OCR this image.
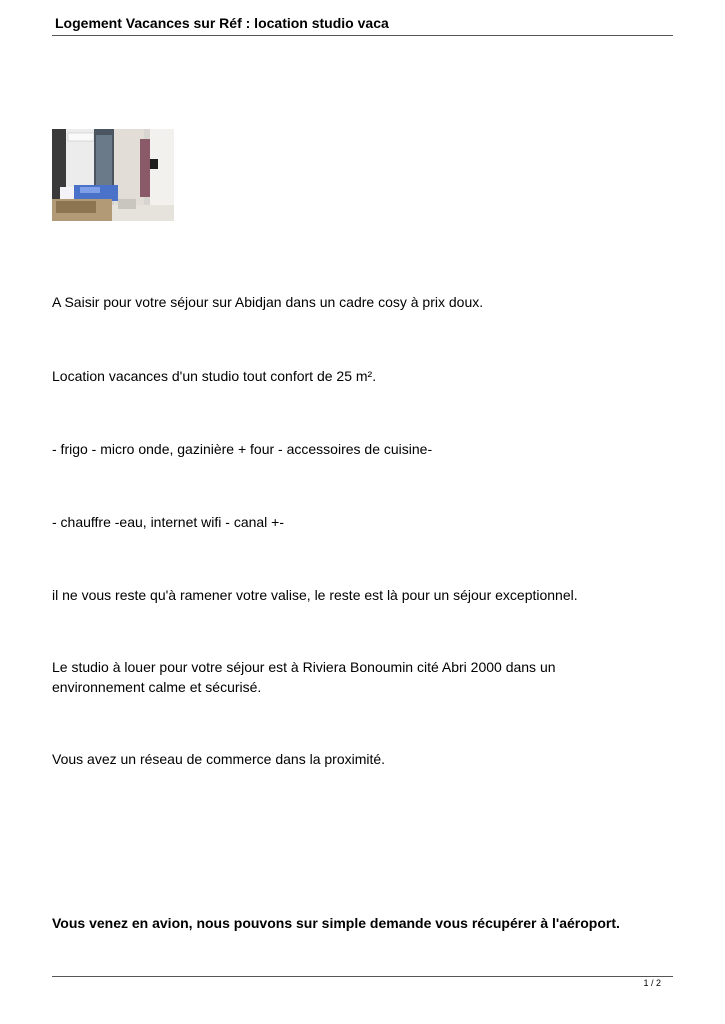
Logement Vacances sur Réf : location studio vaca
A Saisir pour votre séjour sur Abidjan dans un cadre cosy à prix doux.
Location vacances d'un studio tout confort de 25 m².
- frigo - micro onde, gazinière + four - accessoires de cuisine-
- chauffre -eau, internet wifi - canal +-
il ne vous reste qu'à ramener votre valise, le reste est là pour un séjour exceptionnel.
Le studio à louer pour votre séjour est à Riviera Bonoumin cité Abri 2000 dans un environnement calme et sécurisé.
Vous avez un réseau de commerce dans la proximité.
Vous venez en avion, nous pouvons sur simple demande vous récupérer à l'aéroport.
1 / 2
